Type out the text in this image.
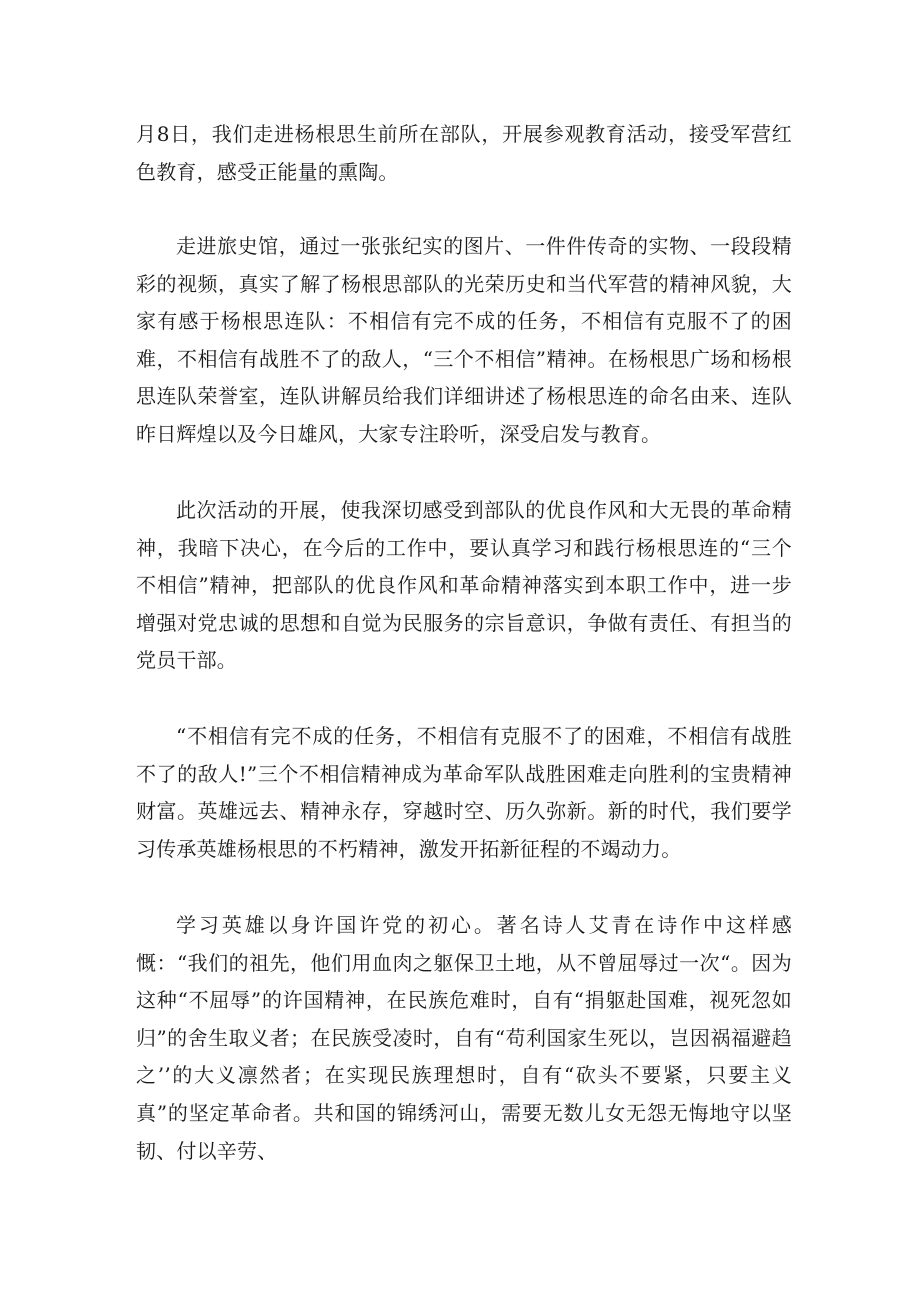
月8日，我们走进杨根思生前所在部队，开展参观教育活动，接受军营红色教育，感受正能量的熏陶。

走进旅史馆，通过一张张纪实的图片、一件件传奇的实物、一段段精彩的视频，真实了解了杨根思部队的光荣历史和当代军营的精神风貌，大家有感于杨根思连队：不相信有完不成的任务，不相信有克服不了的困难，不相信有战胜不了的敌人，“三个不相信”精神。在杨根思广场和杨根思连队荣誉室，连队讲解员给我们详细讲述了杨根思连的命名由来、连队昨日辉煌以及今日雄风，大家专注聆听，深受启发与教育。

此次活动的开展，使我深切感受到部队的优良作风和大无畏的革命精神，我暗下决心，在今后的工作中，要认真学习和践行杨根思连的“三个不相信”精神，把部队的优良作风和革命精神落实到本职工作中，进一步增强对党忠诚的思想和自觉为民服务的宗旨意识，争做有责任、有担当的党员干部。

“不相信有完不成的任务，不相信有克服不了的困难，不相信有战胜不了的敌人!”三个不相信精神成为革命军队战胜困难走向胜利的宝贵精神财富。英雄远去、精神永存，穿越时空、历久弥新。新的时代，我们要学习传承英雄杨根思的不朽精神，激发开拓新征程的不竭动力。

学习英雄以身许国许党的初心。著名诗人艾青在诗作中这样感慨：“我们的祖先，他们用血肉之躯保卫土地，从不曾屈辱过一次“。因为这种“不屈辱”的许国精神，在民族危难时，自有“捐躯赴国难，视死忽如归”的舍生取义者；在民族受凌时，自有“苟利国家生死以，岂因祸福避趋之’’的大义凛然者；在实现民族理想时，自有“砍头不要紧，只要主义真”的坚定革命者。共和国的锦绣河山，需要无数儿女无怨无悔地守以坚韧、付以辛劳、
